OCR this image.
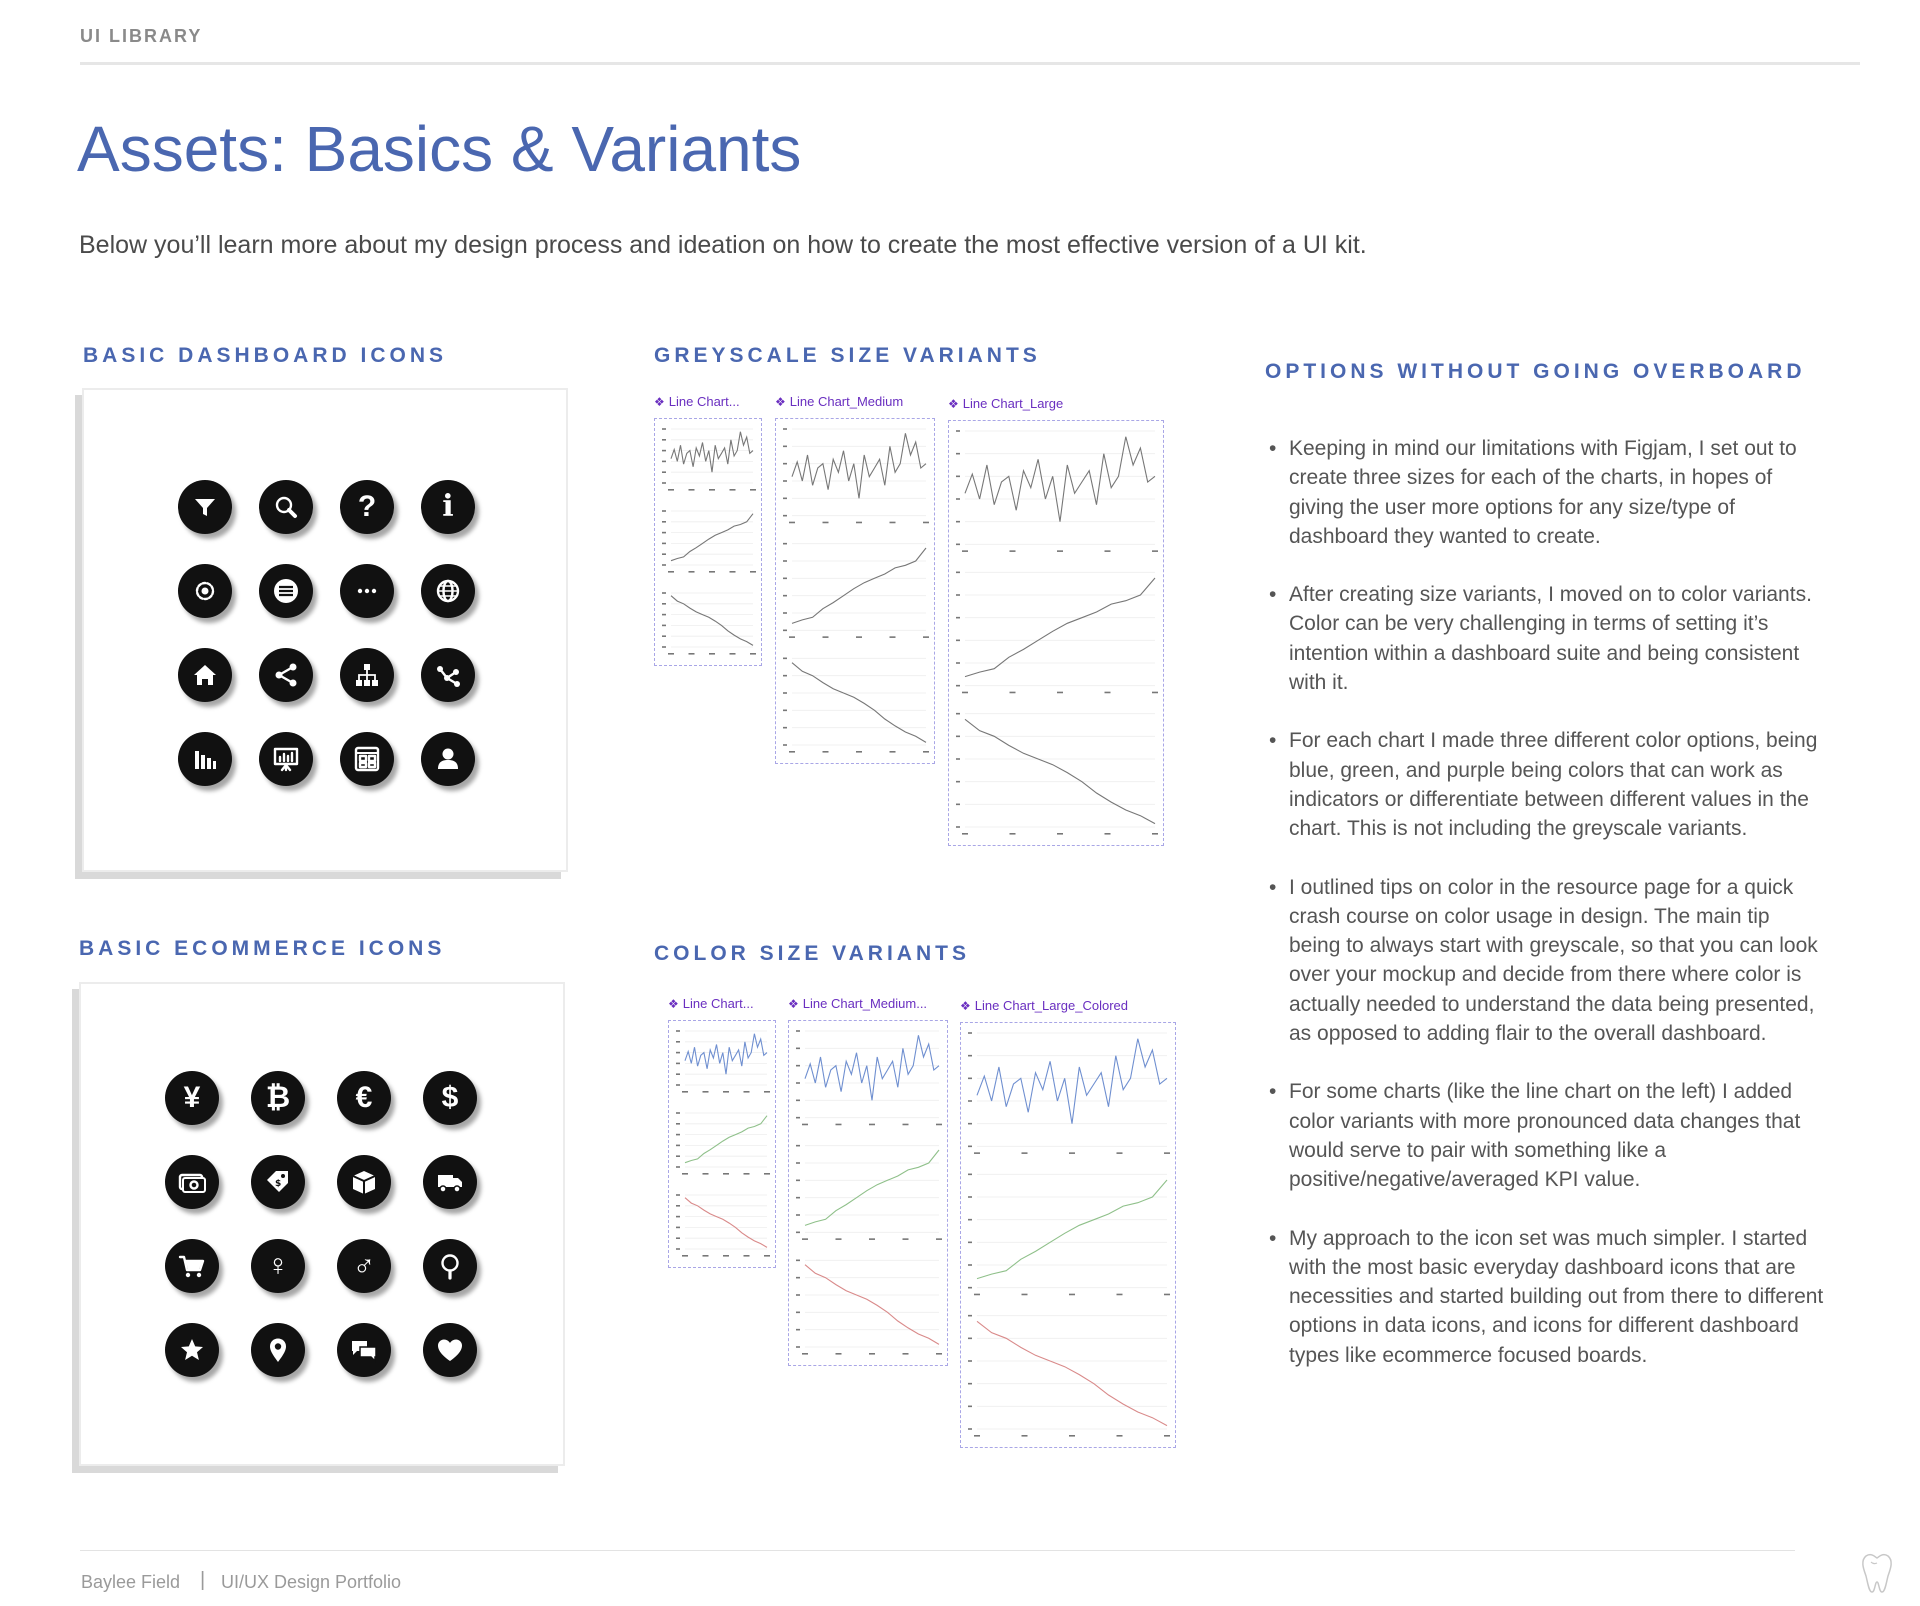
UI LIBRARY
Assets: Basics & Variants
Below you’ll learn more about my design process and ideation on how to create the most effective version of a UI kit.
BASIC DASHBOARD ICONS
? i
BASIC ECOMMERCE ICONS
¥ ₿ € $
$
♀ ♂
GREYSCALE SIZE VARIANTS
❖ Line Chart...	❖ Line Chart_Medium	❖ Line Chart_Large
COLOR SIZE VARIANTS
❖ Line Chart...	❖ Line Chart_Medium...	❖ Line Chart_Large_Colored
OPTIONS WITHOUT GOING OVERBOARD
• Keeping in mind our limitations with Figjam, I set out to create three sizes for each of the charts, in hopes of giving the user more options for any size/type of dashboard they wanted to create.
• After creating size variants, I moved on to color variants. Color can be very challenging in terms of setting it’s intention within a dashboard suite and being consistent with it.
• For each chart I made three different color options, being blue, green, and purple being colors that can work as indicators or differentiate between different values in the chart. This is not including the greyscale variants.
• I outlined tips on color in the resource page for a quick crash course on color usage in design. The main tip being to always start with greyscale, so that you can look over your mockup and decide from there where color is actually needed to understand the data being presented, as opposed to adding flair to the overall dashboard.
• For some charts (like the line chart on the left) I added color variants with more pronounced data changes that would serve to pair with something like a positive/negative/averaged KPI value.
• My approach to the icon set was much simpler. I started with the most basic everyday dashboard icons that are necessities and started building out from there to different options in data icons, and icons for different dashboard types like ecommerce focused boards.
Baylee Field | UI/UX Design Portfolio
